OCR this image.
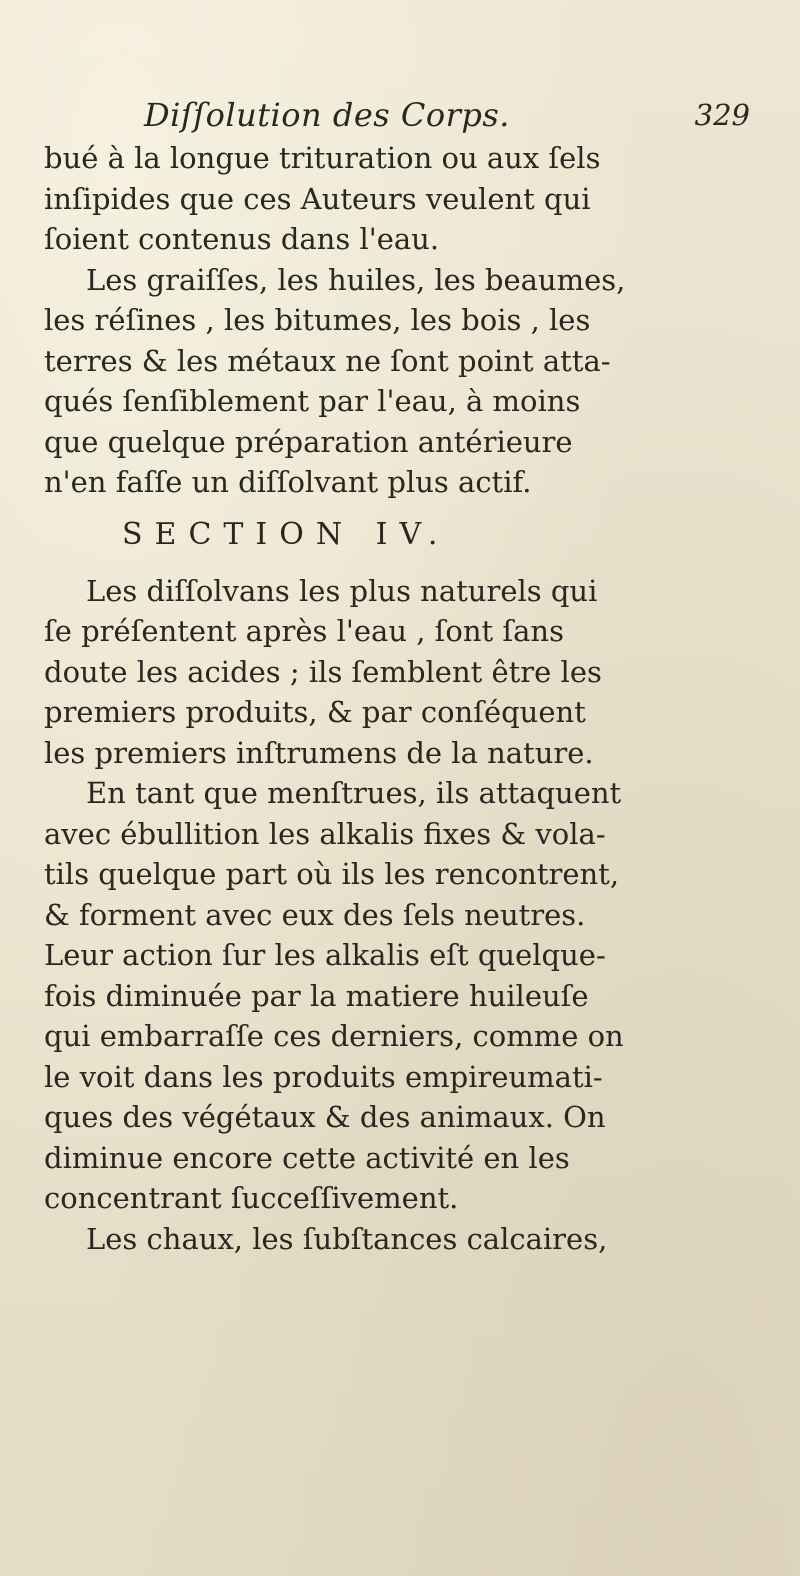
Diſſolution des Corps.	329
bué à la longue trituration ou aux ſels
inſipides que ces Auteurs veulent qui
ſoient contenus dans l'eau.
Les graiſſes, les huiles, les beaumes,
les réſines , les bitumes, les bois , les
terres & les métaux ne ſont point atta-
qués ſenſiblement par l'eau, à moins
que quelque préparation antérieure
n'en faſſe un diſſolvant plus actif.
SECTION IV.
Les diſſolvans les plus naturels qui
ſe préſentent après l'eau , ſont ſans
doute les acides ; ils ſemblent être les
premiers produits, & par conſéquent
les premiers inſtrumens de la nature.
En tant que menſtrues, ils attaquent
avec ébullition les alkalis fixes & vola-
tils quelque part où ils les rencontrent,
& forment avec eux des ſels neutres.
Leur action ſur les alkalis eſt quelque-
fois diminuée par la matiere huileuſe
qui embarraſſe ces derniers, comme on
le voit dans les produits empireumati-
ques des végétaux & des animaux. On
diminue encore cette activité en les
concentrant ſucceſſivement.
Les chaux, les ſubſtances calcaires,
